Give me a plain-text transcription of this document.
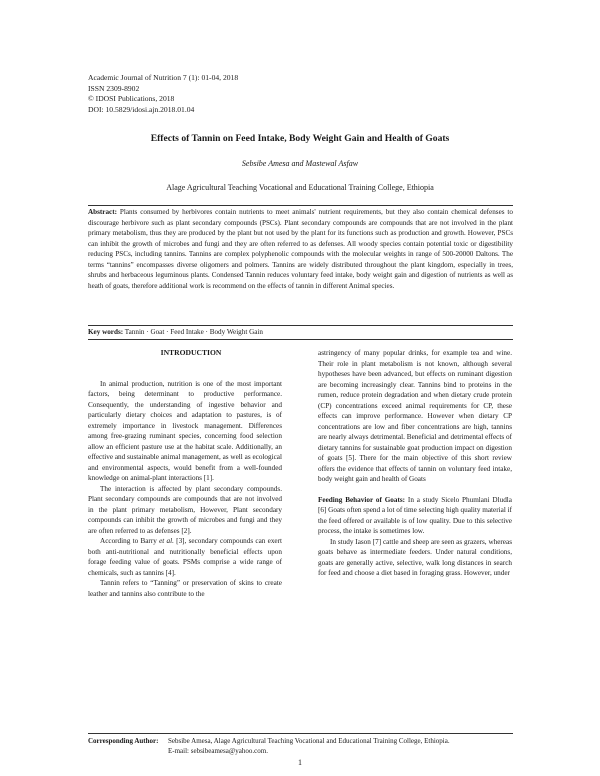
Academic Journal of Nutrition 7 (1): 01-04, 2018
ISSN 2309-8902
© IDOSI Publications, 2018
DOI: 10.5829/idosi.ajn.2018.01.04
Effects of Tannin on Feed Intake, Body Weight Gain and Health of Goats
Sebsibe Amesa and Mastewal Asfaw
Alage Agricultural Teaching Vocational and Educational Training College, Ethiopia

Abstract: Plants consumed by herbivores contain nutrients to meet animals' nutrient requirements, but they also contain chemical defenses to discourage herbivore such as plant secondary compounds (PSCs). Plant secondary compounds are compounds that are not involved in the plant primary metabolism, thus they are produced by the plant but not used by the plant for its functions such as production and growth. However, PSCs can inhibit the growth of microbes and fungi and they are often referred to as defenses. All woody species contain potential toxic or digestibility reducing PSCs, including tannins. Tannins are complex polyphenolic compounds with the molecular weights in range of 500-20000 Daltons. The terms “tannins” encompasses diverse oligomers and polmers. Tannins are widely distributed throughout the plant kingdom, especially in trees, shrubs and herbaceous leguminous plants. Condensed Tannin reduces voluntary feed intake, body weight gain and digestion of nutrients as well as heath of goats, therefore additional work is recommend on the effects of tannin in different Animal species.

Key words: Tannin · Goat · Feed Intake · Body Weight Gain

INTRODUCTION

In animal production, nutrition is one of the most important factors, being determinant to productive performance. Consequently, the understanding of ingestive behavior and particularly dietary choices and adaptation to pastures, is of extremely importance in livestock management. Differences among free-grazing ruminant species, concerning food selection allow an efficient pasture use at the habitat scale. Additionally, an effective and sustainable animal management, as well as ecological and environmental aspects, would benefit from a well-founded knowledge on animal-plant interactions [1].

The interaction is affected by plant secondary compounds. Plant secondary compounds are compounds that are not involved in the plant primary metabolism, However, Plant secondary compounds can inhibit the growth of microbes and fungi and they are often referred to as defenses [2].

According to Barry et al. [3], secondary compounds can exert both anti-nutritional and nutritionally beneficial effects upon forage feeding value of goats. PSMs comprise a wide range of chemicals, such as tannins [4].

Tannin refers to “Tanning” or preservation of skins to create leather and tannins also contribute to the

astringency of many popular drinks, for example tea and wine. Their role in plant metabolism is not known, although several hypotheses have been advanced, but effects on ruminant digestion are becoming increasingly clear. Tannins bind to proteins in the rumen, reduce protein degradation and when dietary crude protein (CP) concentrations exceed animal requirements for CP, these effects can improve performance. However when dietary CP concentrations are low and fiber concentrations are high, tannins are nearly always detrimental. Beneficial and detrimental effects of dietary tannins for sustainable goat production impact on digestion of goats [5]. There for the main objective of this short review offers the evidence that effects of tannin on voluntary feed intake, body weight gain and health of Goats

Feeding Behavior of Goats: In a study Sicelo Phumlani Dludla [6] Goats often spend a lot of time selecting high quality material if the feed offered or available is of low quality. Due to this selective process, the intake is sometimes low.

In study Iason [7] cattle and sheep are seen as grazers, whereas goats behave as intermediate feeders. Under natural conditions, goats are generally active, selective, walk long distances in search for feed and choose a diet based in foraging grass. However, under

Corresponding Author: Sebsibe Amesa, Alage Agricultural Teaching Vocational and Educational Training College, Ethiopia.
E-mail: sebsibeamesa@yahoo.com.
1
